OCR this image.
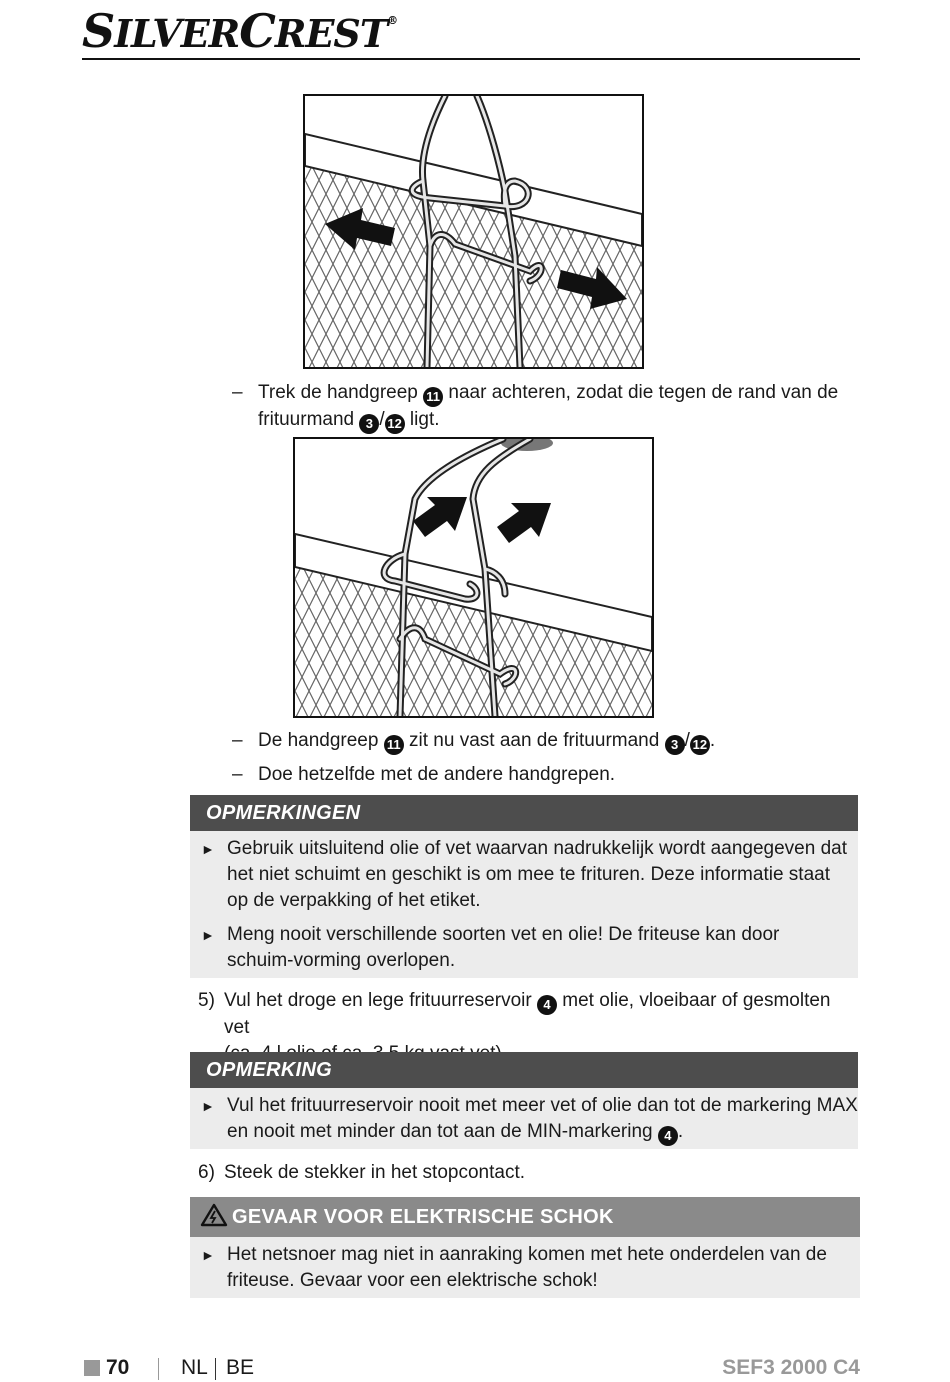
SILVERCREST®
– Trek de handgreep 11 naar achteren, zodat die tegen de rand van de
frituurmand 3 / 12 ligt.
– De handgreep 11 zit nu vast aan de frituurmand 3 / 12 .
– Doe hetzelfde met de andere handgrepen.
OPMERKINGEN
► Gebruik uitsluitend olie of vet waarvan nadrukkelijk wordt aangegeven dat het niet schuimt en geschikt is om mee te frituren. Deze informatie staat op de verpakking of het etiket.
► Meng nooit verschillende soorten vet en olie! De friteuse kan door schuim-vorming overlopen.
5) Vul het droge en lege frituurreservoir 4 met olie, vloeibaar of gesmolten vet

OPMERKING
► Vul het frituurreservoir nooit met meer vet of olie dan tot de markering MAX
en nooit met minder dan tot aan de MIN-markering 4 .
6) Steek de stekker in het stopcontact.
GEVAAR VOOR ELEKTRISCHE SCHOK
► Het netsnoer mag niet in aanraking komen met hete onderdelen van de
friteuse. Gevaar voor een elektrische schok!
70 NL BE	SEF3 2000 C4
